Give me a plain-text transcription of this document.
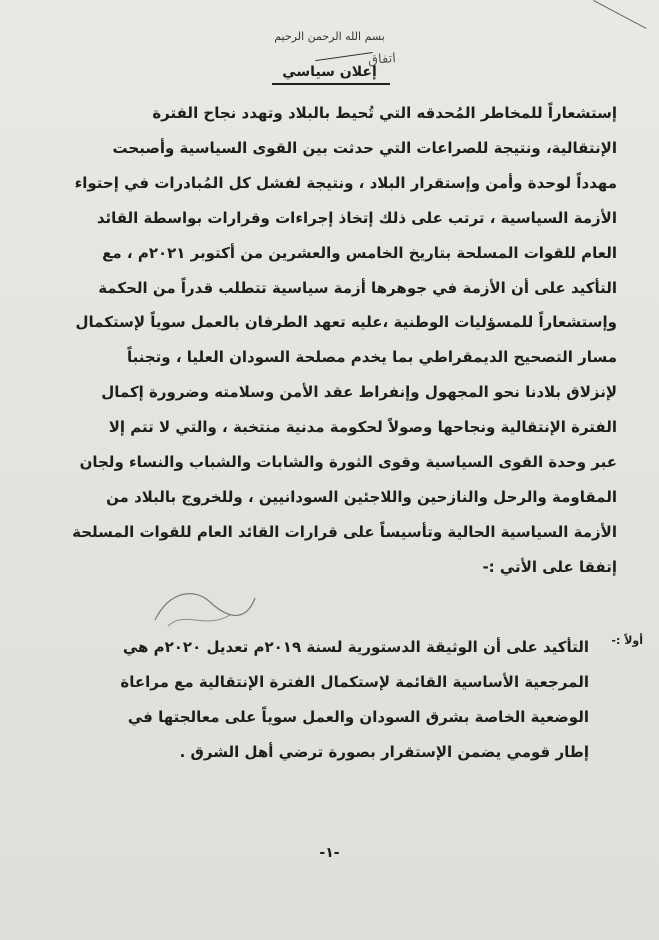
بسم الله الرحمن الرحيم
اتفاق
إعلان سياسي

إستشعاراً للمخاطر المُحدقه التي تُحيط بالبلاد وتهدد نجاح الفترة

الإنتقالية، ونتيجة للصراعات التي حدثت بين القوى السياسية وأصبحت

مهدداً لوحدة وأمن وإستقرار البلاد ، ونتيجة لفشل كل المُبادرات في إحتواء

الأزمة السياسية ، ترتب على ذلك إتخاذ إجراءات وقرارات بواسطة القائد

العام للقوات المسلحة بتاريخ الخامس والعشرين من أكتوبر ٢٠٢١م ، مع

التأكيد على أن الأزمة في جوهرها أزمة سياسية تتطلب قدراً من الحكمة

وإستشعاراً للمسؤليات الوطنية ،عليه تعهد الطرفان بالعمل سوياً لإستكمال

مسار التصحيح الديمقراطي بما يخدم مصلحة السودان العليا ، وتجنباً

لإنزلاق بلادنا نحو المجهول وإنفراط عقد الأمن وسلامته وضرورة إكمال

الفترة الإنتقالية ونجاحها وصولاً لحكومة مدنية منتخبة ، والتي لا تتم إلا

عبر وحدة القوى السياسية وقوى الثورة والشابات والشباب والنساء ولجان

المقاومة والرحل والنازحين واللاجئين السودانيين ، وللخروج بالبلاد من

الأزمة السياسية الحالية وتأسيساً على قرارات القائد العام للقوات المسلحة

إتفقا على الأتي :-

أولاً :-

التأكيد على أن الوثيقة الدستورية لسنة ٢٠١٩م تعديل ٢٠٢٠م هي

المرجعية الأساسية القائمة لإستكمال الفترة الإنتقالية مع مراعاة

الوضعية الخاصة بشرق السودان والعمل سوياً على معالجتها في

إطار قومي يضمن الإستقرار بصورة ترضي أهل الشرق .

-١-
